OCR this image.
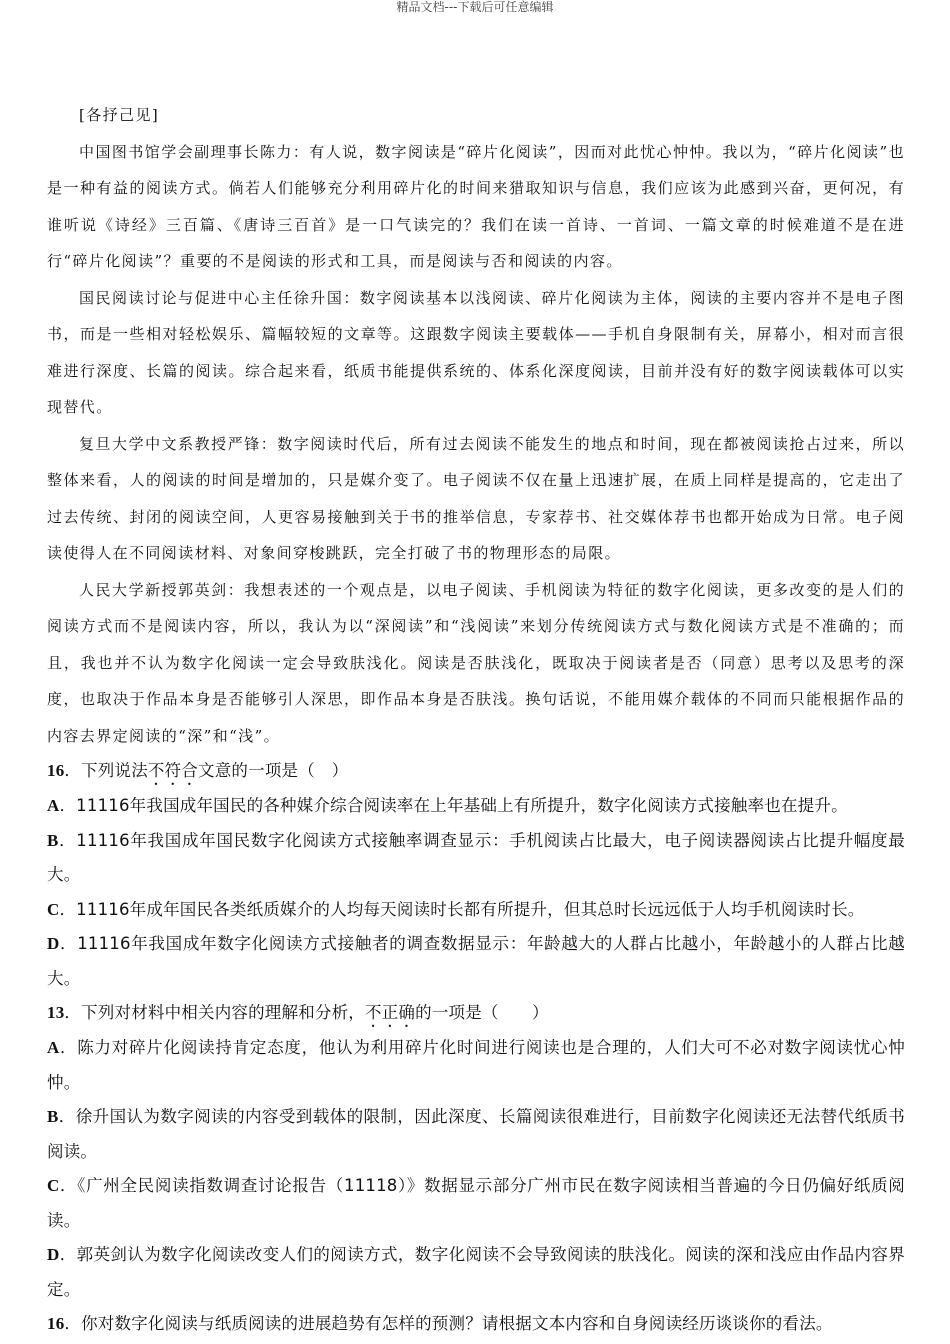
精品文档---下载后可任意编辑

[各抒己见]

中国图书馆学会副理事长陈力：有人说，数字阅读是“碎片化阅读”，因而对此忧心忡忡。我以为，“碎片化阅读”也是一种有益的阅读方式。倘若人们能够充分利用碎片化的时间来猎取知识与信息，我们应该为此感到兴奋，更何况，有谁听说《诗经》三百篇、《唐诗三百首》是一口气读完的？我们在读一首诗、一首词、一篇文章的时候难道不是在进行“碎片化阅读”？重要的不是阅读的形式和工具，而是阅读与否和阅读的内容。

国民阅读讨论与促进中心主任徐升国：数字阅读基本以浅阅读、碎片化阅读为主体，阅读的主要内容并不是电子图书，而是一些相对轻松娱乐、篇幅较短的文章等。这跟数字阅读主要载体——手机自身限制有关，屏幕小，相对而言很难进行深度、长篇的阅读。综合起来看，纸质书能提供系统的、体系化深度阅读，目前并没有好的数字阅读载体可以实现替代。

复旦大学中文系教授严锋：数字阅读时代后，所有过去阅读不能发生的地点和时间，现在都被阅读抢占过来，所以整体来看，人的阅读的时间是增加的，只是媒介变了。电子阅读不仅在量上迅速扩展，在质上同样是提高的，它走出了过去传统、封闭的阅读空间，人更容易接触到关于书的推举信息，专家荐书、社交媒体荐书也都开始成为日常。电子阅读使得人在不同阅读材料、对象间穿梭跳跃，完全打破了书的物理形态的局限。

人民大学新授郭英剑：我想表述的一个观点是，以电子阅读、手机阅读为特征的数字化阅读，更多改变的是人们的阅读方式而不是阅读内容，所以，我认为以“深阅读”和“浅阅读”来划分传统阅读方式与数化阅读方式是不准确的；而且，我也并不认为数字化阅读一定会导致肤浅化。阅读是否肤浅化，既取决于阅读者是否（同意）思考以及思考的深度，也取决于作品本身是否能够引人深思，即作品本身是否肤浅。换句话说，不能用媒介载体的不同而只能根据作品的内容去界定阅读的“深”和“浅”。

16．下列说法不符合文意的一项是（　）

A．11116年我国成年国民的各种媒介综合阅读率在上年基础上有所提升，数字化阅读方式接触率也在提升。

B．11116年我国成年国民数字化阅读方式接触率调查显示：手机阅读占比最大，电子阅读器阅读占比提升幅度最大。

C．11116年成年国民各类纸质媒介的人均每天阅读时长都有所提升，但其总时长远远低于人均手机阅读时长。

D．11116年我国成年数字化阅读方式接触者的调查数据显示：年龄越大的人群占比越小，年龄越小的人群占比越大。

13．下列对材料中相关内容的理解和分析，不正确的一项是（　　）

A．陈力对碎片化阅读持肯定态度，他认为利用碎片化时间进行阅读也是合理的，人们大可不必对数字阅读忧心忡忡。

B．徐升国认为数字阅读的内容受到载体的限制，因此深度、长篇阅读很难进行，目前数字化阅读还无法替代纸质书阅读。

C．《广州全民阅读指数调查讨论报告（11118）》数据显示部分广州市民在数字阅读相当普遍的今日仍偏好纸质阅读。

D．郭英剑认为数字化阅读改变人们的阅读方式，数字化阅读不会导致阅读的肤浅化。阅读的深和浅应由作品内容界定。

16．你对数字化阅读与纸质阅读的进展趋势有怎样的预测？请根据文本内容和自身阅读经历谈谈你的看法。
